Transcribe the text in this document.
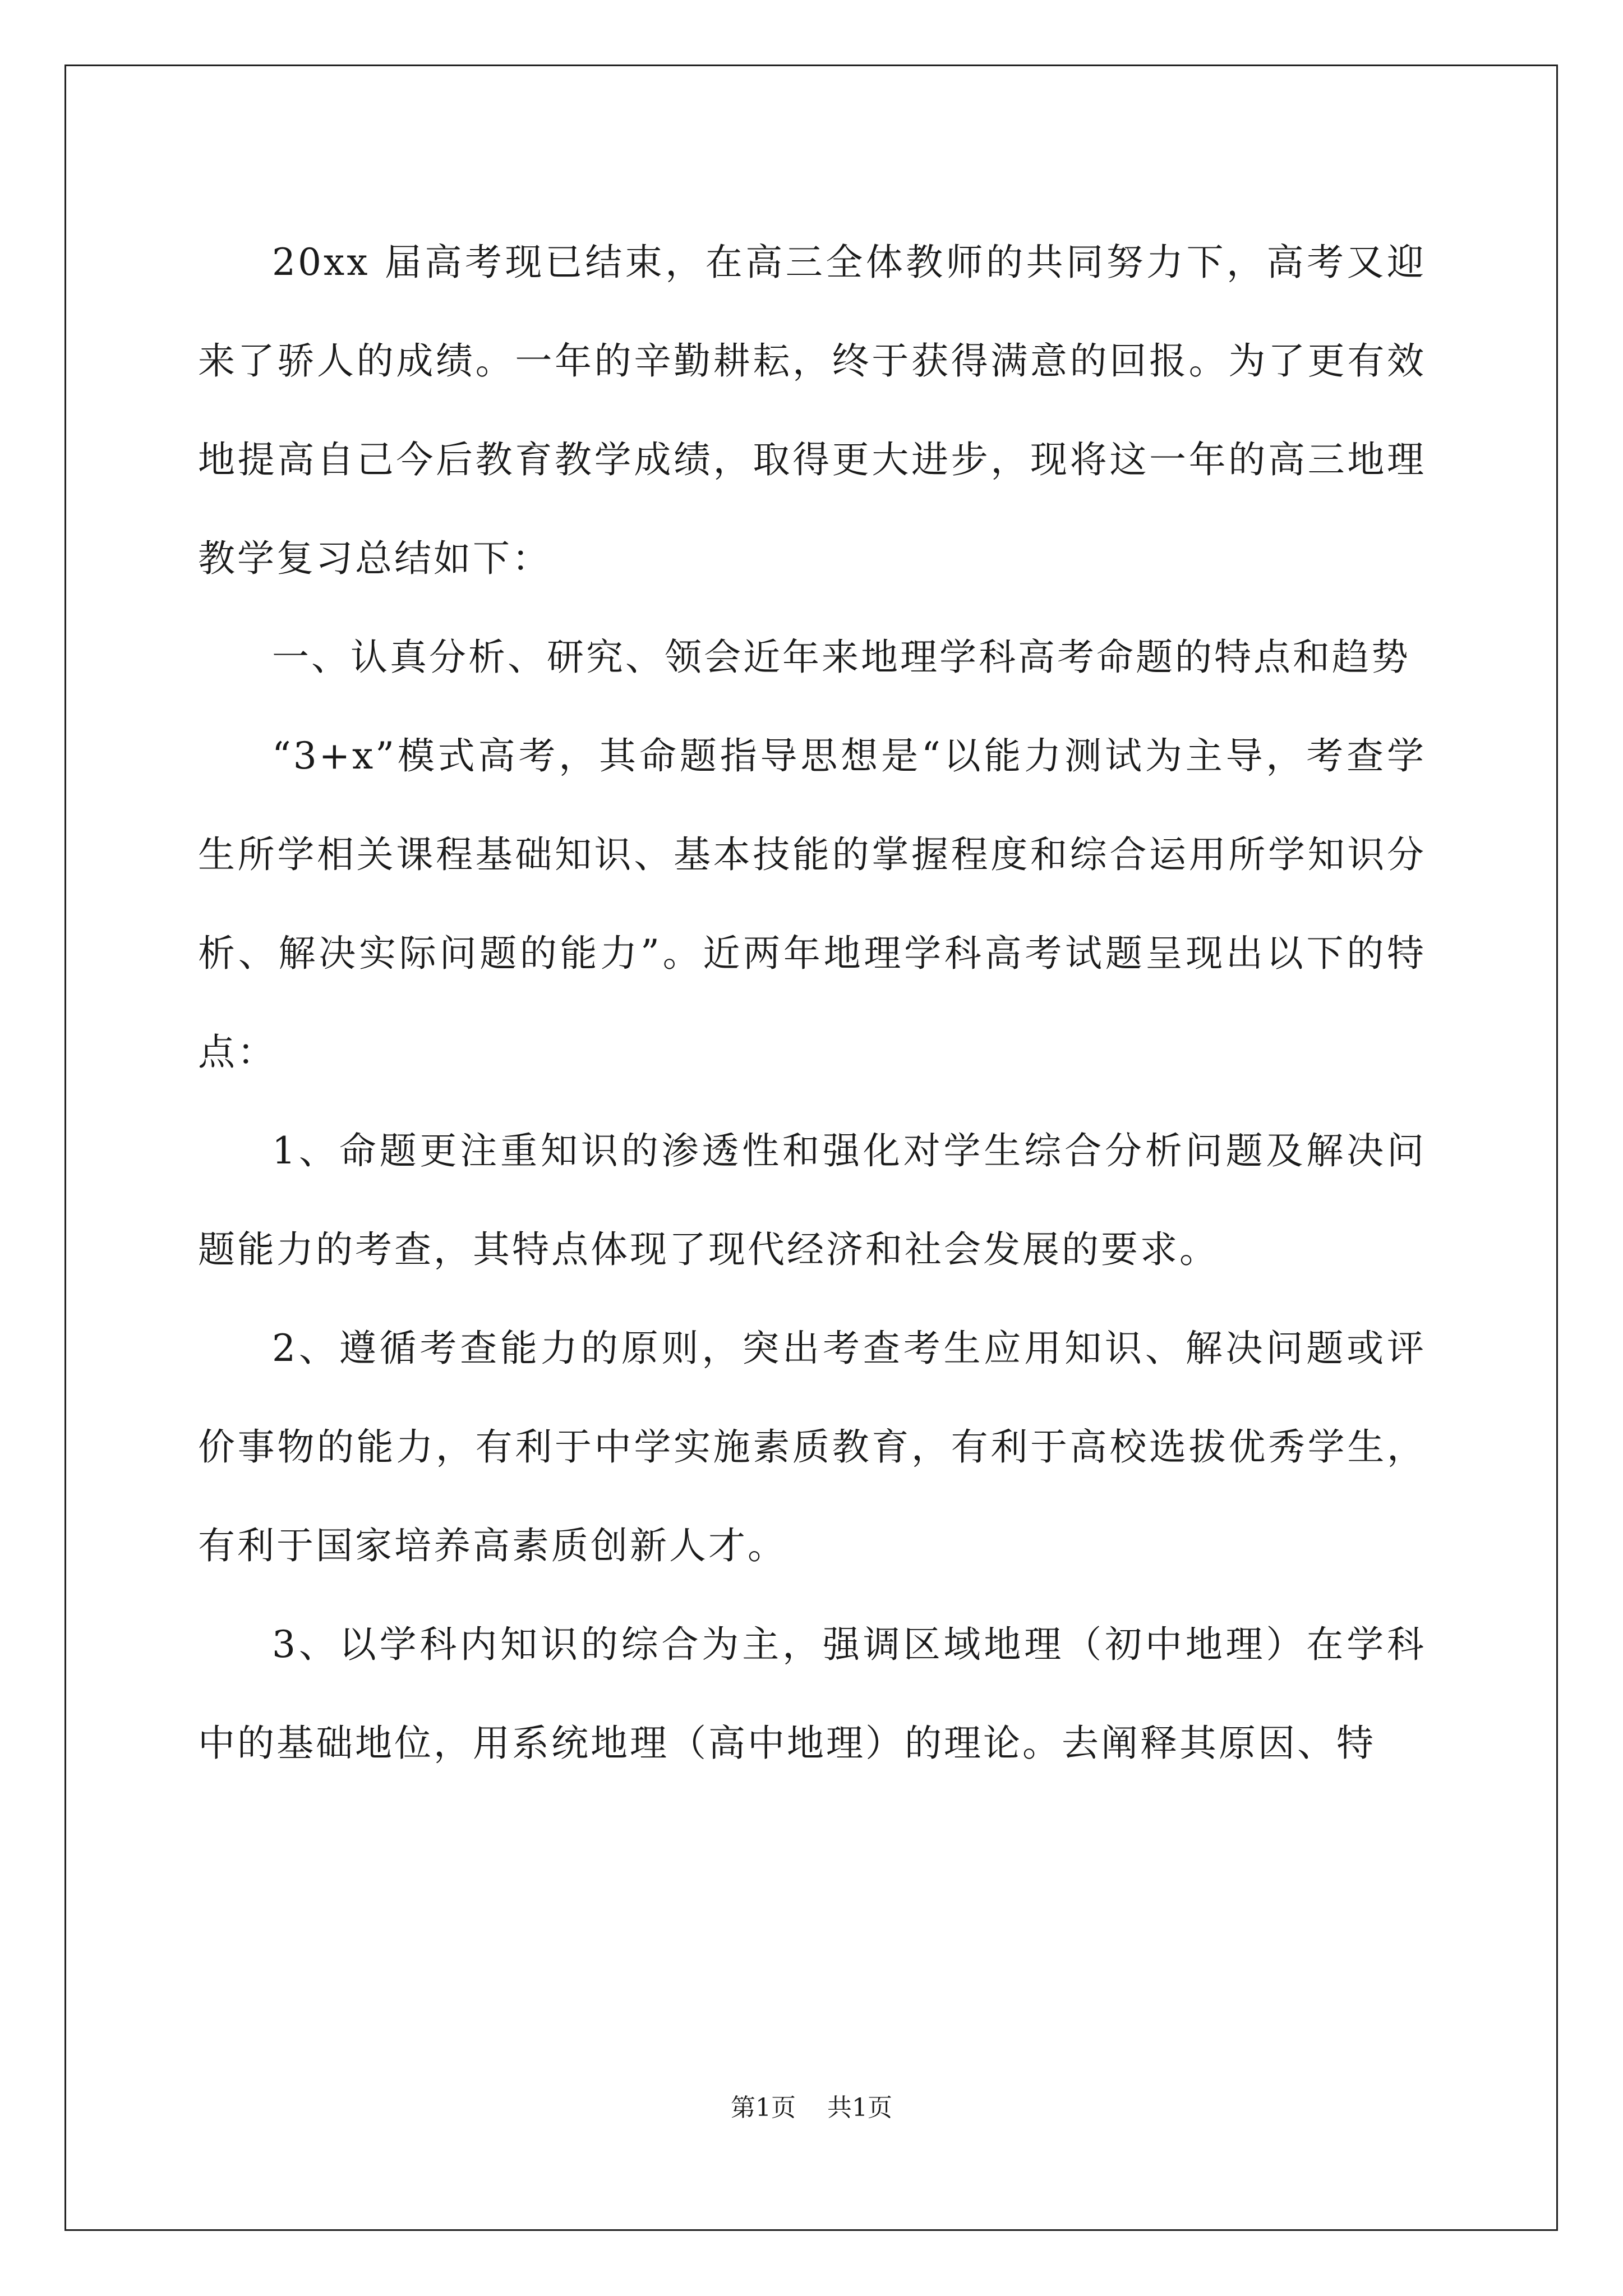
20xx 届高考现已结束，在高三全体教师的共同努力下，高考又迎来了骄人的成绩。一年的辛勤耕耘，终于获得满意的回报。为了更有效地提高自己今后教育教学成绩，取得更大进步，现将这一年的高三地理教学复习总结如下：

一、认真分析、研究、领会近年来地理学科高考命题的特点和趋势

“3+x”模式高考，其命题指导思想是“以能力测试为主导，考查学生所学相关课程基础知识、基本技能的掌握程度和综合运用所学知识分析、解决实际问题的能力”。近两年地理学科高考试题呈现出以下的特点：

1、命题更注重知识的渗透性和强化对学生综合分析问题及解决问题能力的考查，其特点体现了现代经济和社会发展的要求。

2、遵循考查能力的原则，突出考查考生应用知识、解决问题或评价事物的能力，有利于中学实施素质教育，有利于高校选拔优秀学生，有利于国家培养高素质创新人才。

3、以学科内知识的综合为主，强调区域地理（初中地理）在学科中的基础地位，用系统地理（高中地理）的理论。去阐释其原因、特

第1页 共1页
